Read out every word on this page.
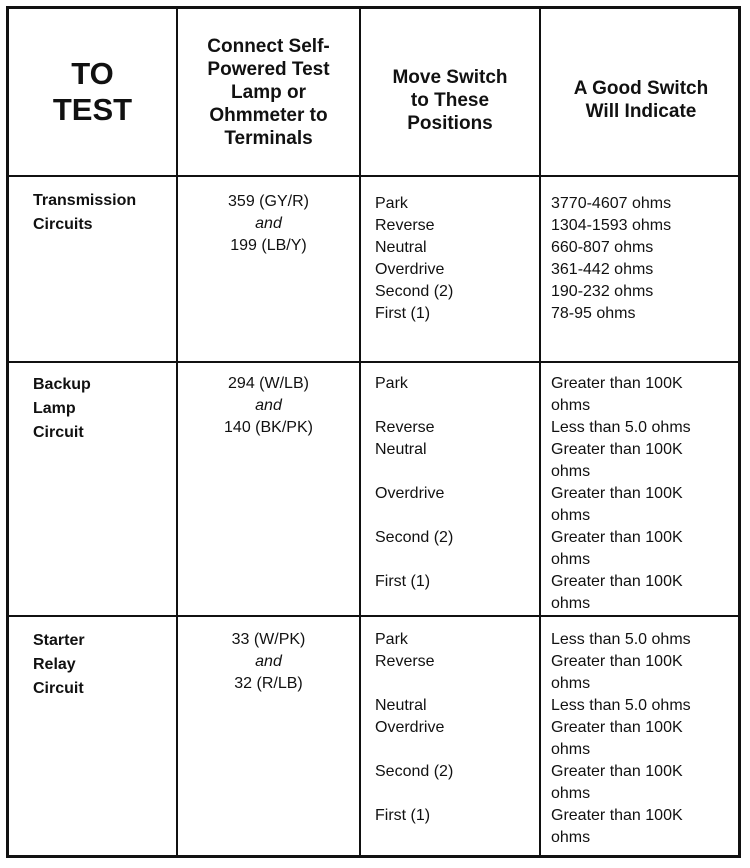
TO
TEST
Connect Self-
Powered Test
Lamp or
Ohmmeter to
Terminals
Move Switch
to These
Positions
A Good Switch
Will Indicate
Transmission
Circuits
359 (GY/R)
and
199 (LB/Y)
Park
Reverse
Neutral
Overdrive
Second (2)
First (1)
3770-4607 ohms
1304-1593 ohms
660-807 ohms
361-442 ohms
190-232 ohms
78-95 ohms
Backup
Lamp
Circuit
294 (W/LB)
and
140 (BK/PK)
Park
Reverse
Neutral
Overdrive
Second (2)
First (1)
Greater than 100K ohms
Less than 5.0 ohms
Greater than 100K ohms
Greater than 100K ohms
Greater than 100K ohms
Greater than 100K ohms
Starter
Relay
Circuit
33 (W/PK)
and
32 (R/LB)
Park
Reverse
Neutral
Overdrive
Second (2)
First (1)
Less than 5.0 ohms
Greater than 100K ohms
Less than 5.0 ohms
Greater than 100K ohms
Greater than 100K ohms
Greater than 100K ohms
